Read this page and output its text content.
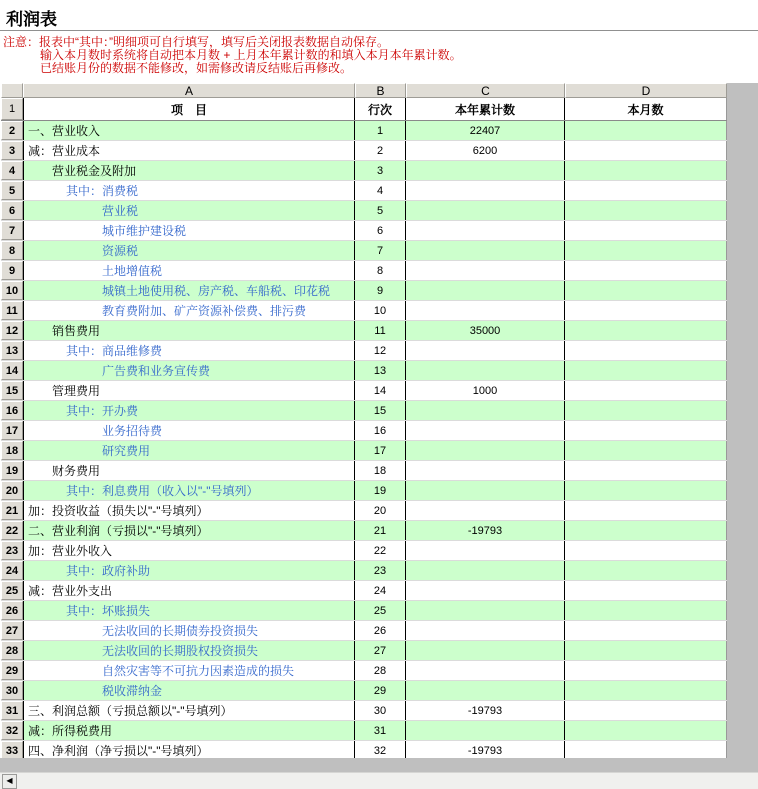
利润表
注意： 报表中“其中：”明细项可自行填写，填写后关闭报表数据自动保存。
输入本月数时系统将自动把本月数 + 上月本年累计数的和填入本月本年累计数。
已结账月份的数据不能修改，如需修改请反结账后再修改。
A	B	C	D
1	项　目	行次	本年累计数	本月数
2	一、营业收入	1	22407
3	减：营业成本	2	6200
4	营业税金及附加	3
5	其中：消费税	4
6	营业税	5
7	城市维护建设税	6
8	资源税	7
9	土地增值税	8
10	城镇土地使用税、房产税、车船税、印花税	9
11	教育费附加、矿产资源补偿费、排污费	10
12	销售费用	11	35000
13	其中：商品维修费	12
14	广告费和业务宣传费	13
15	管理费用	14	1000
16	其中：开办费	15
17	业务招待费	16
18	研究费用	17
19	财务费用	18
20	其中：利息费用（收入以"-"号填列）	19
21 加：投资收益（损失以"-"号填列）	20
22 二、营业利润（亏损以"-"号填列）	21	-19793
23 加：营业外收入	22
24	其中：政府补助	23
25 减：营业外支出	24
26	其中：坏账损失	25
27	无法收回的长期债券投资损失	26
28	无法收回的长期股权投资损失	27
29	自然灾害等不可抗力因素造成的损失	28
30	税收滞纳金	29
31 三、利润总额（亏损总额以"-"号填列）	30	-19793
32 减：所得税费用	31
33 四、净利润（净亏损以"-"号填列）	32	-19793
◀
